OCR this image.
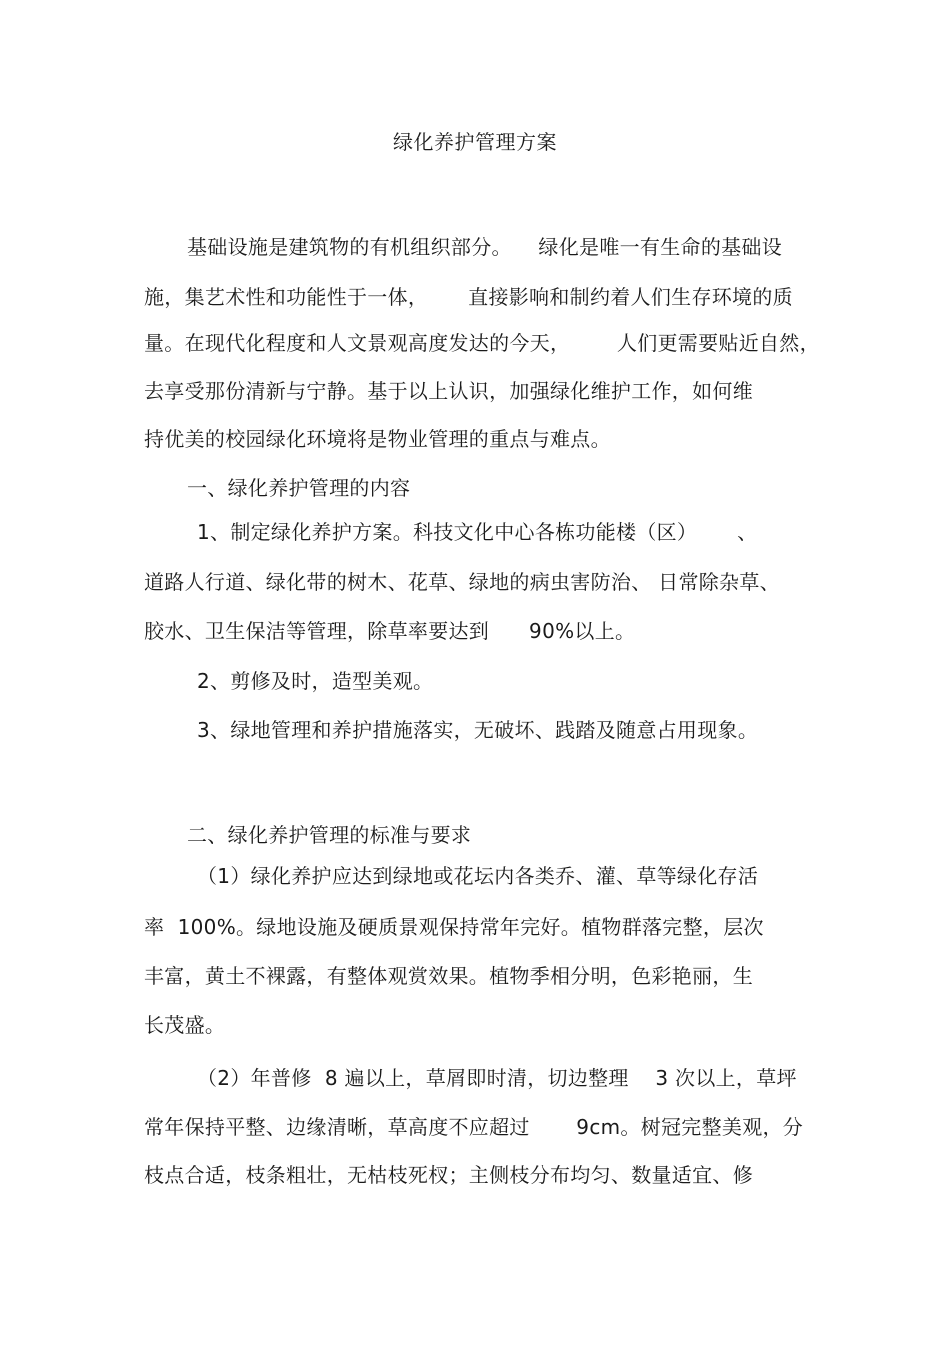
绿化养护管理方案
基础设施是建筑物的有机组织部分。    绿化是唯一有生命的基础设
施，集艺术性和功能性于一体，      直接影响和制约着人们生存环境的质
量。在现代化程度和人文景观高度发达的今天，       人们更需要贴近自然，
去享受那份清新与宁静。基于以上认识，加强绿化维护工作，如何维
持优美的校园绿化环境将是物业管理的重点与难点。
一、绿化养护管理的内容
1、制定绿化养护方案。科技文化中心各栋功能楼（区）      、
道路人行道、绿化带的树木、花草、绿地的病虫害防治、 日常除杂草、
胶水、卫生保洁等管理，除草率要达到      90%以上。
2、剪修及时，造型美观。
3、绿地管理和养护措施落实，无破坏、践踏及随意占用现象。
二、绿化养护管理的标准与要求
（1）绿化养护应达到绿地或花坛内各类乔、灌、草等绿化存活
率  100%。绿地设施及硬质景观保持常年完好。植物群落完整，层次
丰富，黄土不裸露，有整体观赏效果。植物季相分明，色彩艳丽，生
长茂盛。
（2）年普修  8 遍以上，草屑即时清，切边整理    3 次以上，草坪
常年保持平整、边缘清晰，草高度不应超过       9cm。树冠完整美观，分
枝点合适，枝条粗壮，无枯枝死杈；主侧枝分布均匀、数量适宜、修
